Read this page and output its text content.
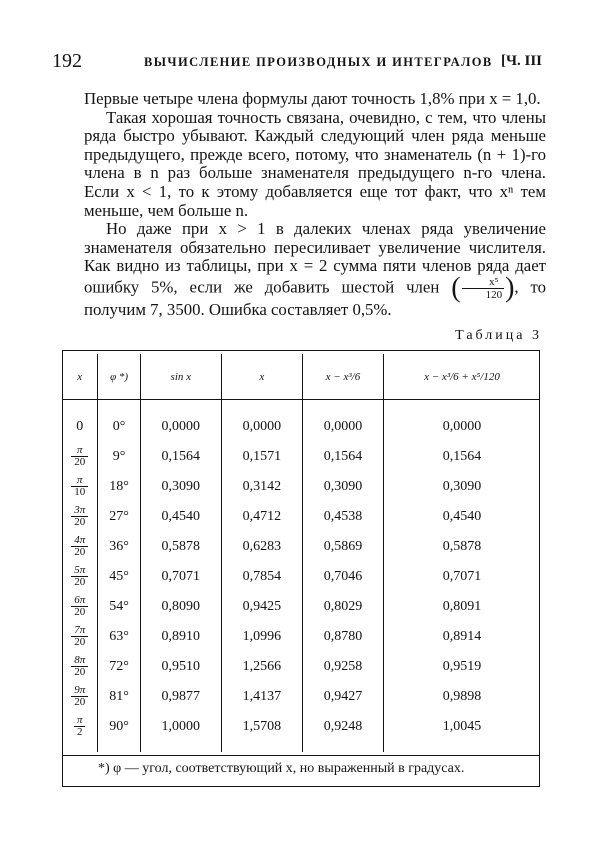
192	ВЫЧИСЛЕНИЕ ПРОИЗВОДНЫХ И ИНТЕГРАЛОВ [Ч. III

Первые четыре члена формулы дают точность 1,8% при x = 1,0.

Такая хорошая точность связана, очевидно, с тем, что члены ряда быстро убывают. Каждый следующий член ряда меньше предыдущего, прежде всего, потому, что знаменатель (n + 1)-го члена в n раз больше знаменателя предыдущего n-го члена. Если x < 1, то к этому добавляется еще тот факт, что xⁿ тем меньше, чем больше n.

Но даже при x > 1 в далеких членах ряда увеличение знаменателя обязательно пересиливает увеличение числителя. Как видно из таблицы, при x = 2 сумма пяти членов ряда дает ошибку 5%, если же добавить шестой член ( $\frac{\text{x⁵}}{120}$ ), то получим 7, 3500. Ошибка составляет 0,5%.

Таблица 3
x	φ *)	sin x	x	x − x³/6	x − x³/6 + x⁵/120
0	0°	0,0000	0,0000	0,0000	0,0000

$\frac{\pi}{20}$	9°	0,1564	0,1571	0,1564	0,1564

$\frac{\pi}{10}$	18°	0,3090	0,3142	0,3090	0,3090

$\frac{3\pi}{20}$	27°	0,4540	0,4712	0,4538	0,4540

$\frac{4\pi}{20}$	36°	0,5878	0,6283	0,5869	0,5878

$\frac{5\pi}{20}$	45°	0,7071	0,7854	0,7046	0,7071

$\frac{6\pi}{20}$	54°	0,8090	0,9425	0,8029	0,8091

$\frac{7\pi}{20}$	63°	0,8910	1,0996	0,8780	0,8914

$\frac{8\pi}{20}$	72°	0,9510	1,2566	0,9258	0,9519

$\frac{9\pi}{20}$	81°	0,9877	1,4137	0,9427	0,9898

$\frac{\pi}{2}$	90°	1,0000	1,5708	0,9248	1,0045
*) φ — угол, соответствующий x, но выраженный в градусах.
